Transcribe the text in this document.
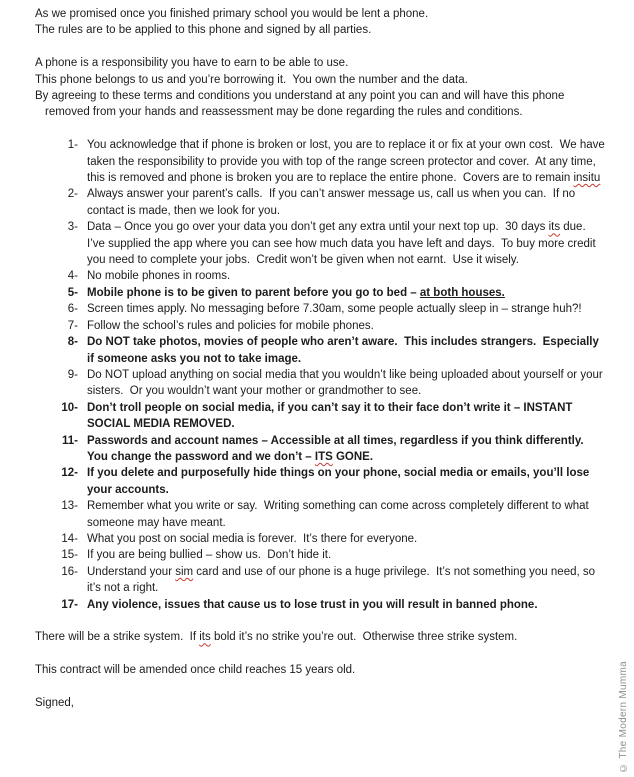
As we promised once you finished primary school you would be lent a phone.

The rules are to be applied to this phone and signed by all parties.

A phone is a responsibility you have to earn to be able to use.

This phone belongs to us and you’re borrowing it.  You own the number and the data.

By agreeing to these terms and conditions you understand at any point you can and will have this phone removed from your hands and reassessment may be done regarding the rules and conditions.

1- You acknowledge that if phone is broken or lost, you are to replace it or fix at your own cost.  We have taken the responsibility to provide you with top of the range screen protector and cover.  At any time, this is removed and phone is broken you are to replace the entire phone.  Covers are to remain insitu
2- Always answer your parent’s calls.  If you can’t answer message us, call us when you can.  If no contact is made, then we look for you.
3- Data – Once you go over your data you don’t get any extra until your next top up.  30 days its due.  I’ve supplied the app where you can see how much data you have left and days.  To buy more credit you need to complete your jobs.  Credit won’t be given when not earnt.  Use it wisely.
4- No mobile phones in rooms.
5- Mobile phone is to be given to parent before you go to bed – at both houses.
6- Screen times apply. No messaging before 7.30am, some people actually sleep in – strange huh?!
7- Follow the school’s rules and policies for mobile phones.
8- Do NOT take photos, movies of people who aren’t aware.  This includes strangers.  Especially if someone asks you not to take image.
9- Do NOT upload anything on social media that you wouldn’t like being uploaded about yourself or your sisters.  Or you wouldn’t want your mother or grandmother to see.
10- Don’t troll people on social media, if you can’t say it to their face don’t write it – INSTANT SOCIAL MEDIA REMOVED.
11- Passwords and account names – Accessible at all times, regardless if you think differently.  You change the password and we don’t – ITS GONE.
12- If you delete and purposefully hide things on your phone, social media or emails, you’ll lose your accounts.
13- Remember what you write or say.  Writing something can come across completely different to what someone may have meant.
14- What you post on social media is forever.  It’s there for everyone.
15- If you are being bullied – show us.  Don’t hide it.
16- Understand your sim card and use of our phone is a huge privilege.  It’s not something you need, so it’s not a right.
17- Any violence, issues that cause us to lose trust in you will result in banned phone.

There will be a strike system.  If its bold it’s no strike you’re out.  Otherwise three strike system.

This contract will be amended once child reaches 15 years old.

Signed,	© The Modern Mumma
